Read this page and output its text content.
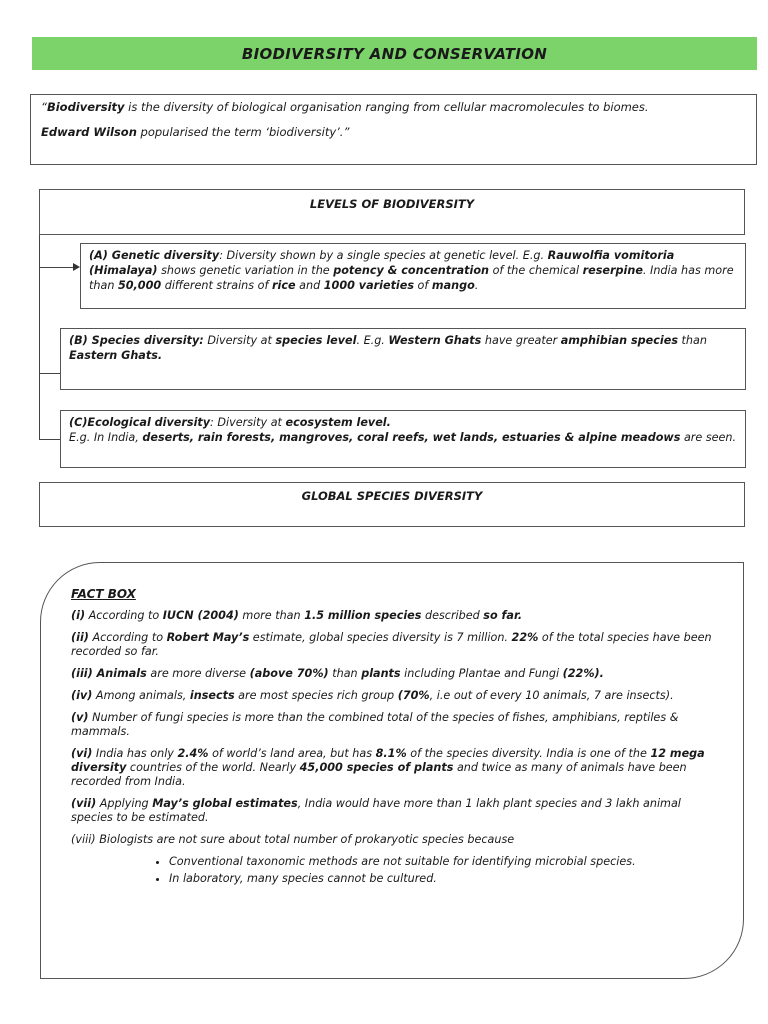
BIODIVERSITY AND CONSERVATION

“Biodiversity is the diversity of biological organisation ranging from cellular macromolecules to biomes.

Edward Wilson popularised the term ‘biodiversity’.”

LEVELS OF BIODIVERSITY
(A) Genetic diversity: Diversity shown by a single species at genetic level. E.g. Rauwolfia vomitoria (Himalaya) shows genetic variation in the potency & concentration of the chemical reserpine. India has more than 50,000 different strains of rice and 1000 varieties of mango.
(B) Species diversity: Diversity at species level. E.g. Western Ghats have greater amphibian species than Eastern Ghats.
(C)Ecological diversity: Diversity at ecosystem level.
E.g. In India, deserts, rain forests, mangroves, coral reefs, wet lands, estuaries & alpine meadows are seen.
GLOBAL SPECIES DIVERSITY
FACT BOX

(i) According to IUCN (2004) more than 1.5 million species described so far.

(ii) According to Robert May’s estimate, global species diversity is 7 million. 22% of the total species have been recorded so far.

(iii) Animals are more diverse (above 70%) than plants including Plantae and Fungi (22%).

(iv) Among animals, insects are most species rich group (70%, i.e out of every 10 animals, 7 are insects).

(v) Number of fungi species is more than the combined total of the species of fishes, amphibians, reptiles & mammals.

(vi) India has only 2.4% of world’s land area, but has 8.1% of the species diversity. India is one of the 12 mega diversity countries of the world. Nearly 45,000 species of plants and twice as many of animals have been recorded from India.

(vii) Applying May’s global estimates, India would have more than 1 lakh plant species and 3 lakh animal species to be estimated.

(viii) Biologists are not sure about total number of prokaryotic species because

• Conventional taxonomic methods are not suitable for identifying microbial species.
• In laboratory, many species cannot be cultured.
